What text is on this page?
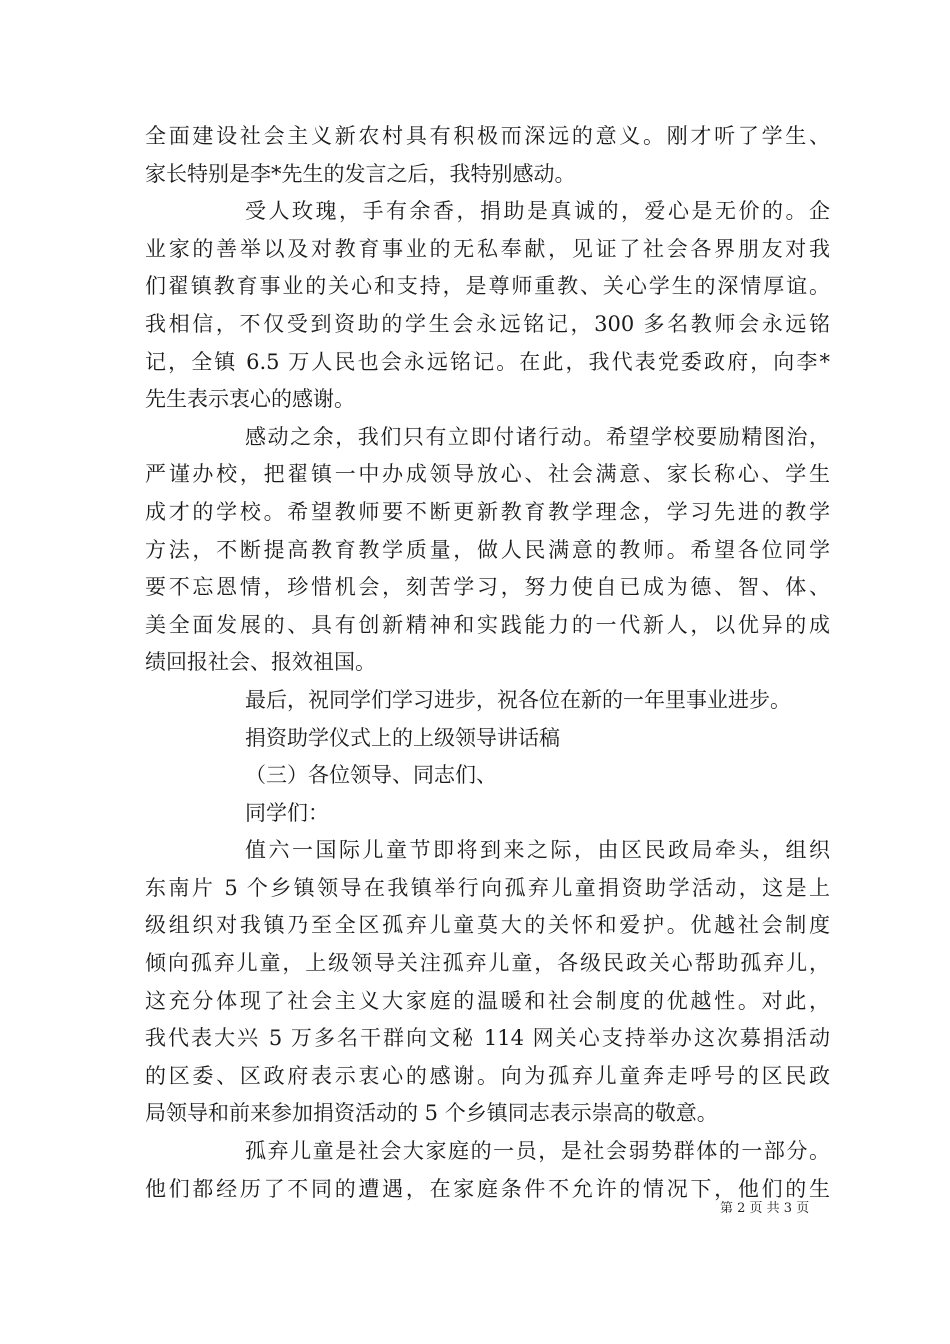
全面建设社会主义新农村具有积极而深远的意义。刚才听了学生、
家长特别是李*先生的发言之后，我特别感动。
受人玫瑰，手有余香，捐助是真诚的，爱心是无价的。企
业家的善举以及对教育事业的无私奉献，见证了社会各界朋友对我
们翟镇教育事业的关心和支持，是尊师重教、关心学生的深情厚谊。
我相信，不仅受到资助的学生会永远铭记，300 多名教师会永远铭
记，全镇 6.5 万人民也会永远铭记。在此，我代表党委政府，向李*
先生表示衷心的感谢。
感动之余，我们只有立即付诸行动。希望学校要励精图治，
严谨办校，把翟镇一中办成领导放心、社会满意、家长称心、学生
成才的学校。希望教师要不断更新教育教学理念，学习先进的教学
方法，不断提高教育教学质量，做人民满意的教师。希望各位同学
要不忘恩情，珍惜机会，刻苦学习，努力使自已成为德、智、体、
美全面发展的、具有创新精神和实践能力的一代新人，以优异的成
绩回报社会、报效祖国。
最后，祝同学们学习进步，祝各位在新的一年里事业进步。
捐资助学仪式上的上级领导讲话稿
（三）各位领导、同志们、
同学们：
值六一国际儿童节即将到来之际，由区民政局牵头，组织
东南片 5 个乡镇领导在我镇举行向孤弃儿童捐资助学活动，这是上
级组织对我镇乃至全区孤弃儿童莫大的关怀和爱护。优越社会制度
倾向孤弃儿童，上级领导关注孤弃儿童，各级民政关心帮助孤弃儿，
这充分体现了社会主义大家庭的温暖和社会制度的优越性。对此，
我代表大兴 5 万多名干群向文秘 114 网关心支持举办这次募捐活动
的区委、区政府表示衷心的感谢。向为孤弃儿童奔走呼号的区民政
局领导和前来参加捐资活动的 5 个乡镇同志表示崇高的敬意。
孤弃儿童是社会大家庭的一员，是社会弱势群体的一部分。
他们都经历了不同的遭遇，在家庭条件不允许的情况下，他们的生
第 2 页 共 3 页
